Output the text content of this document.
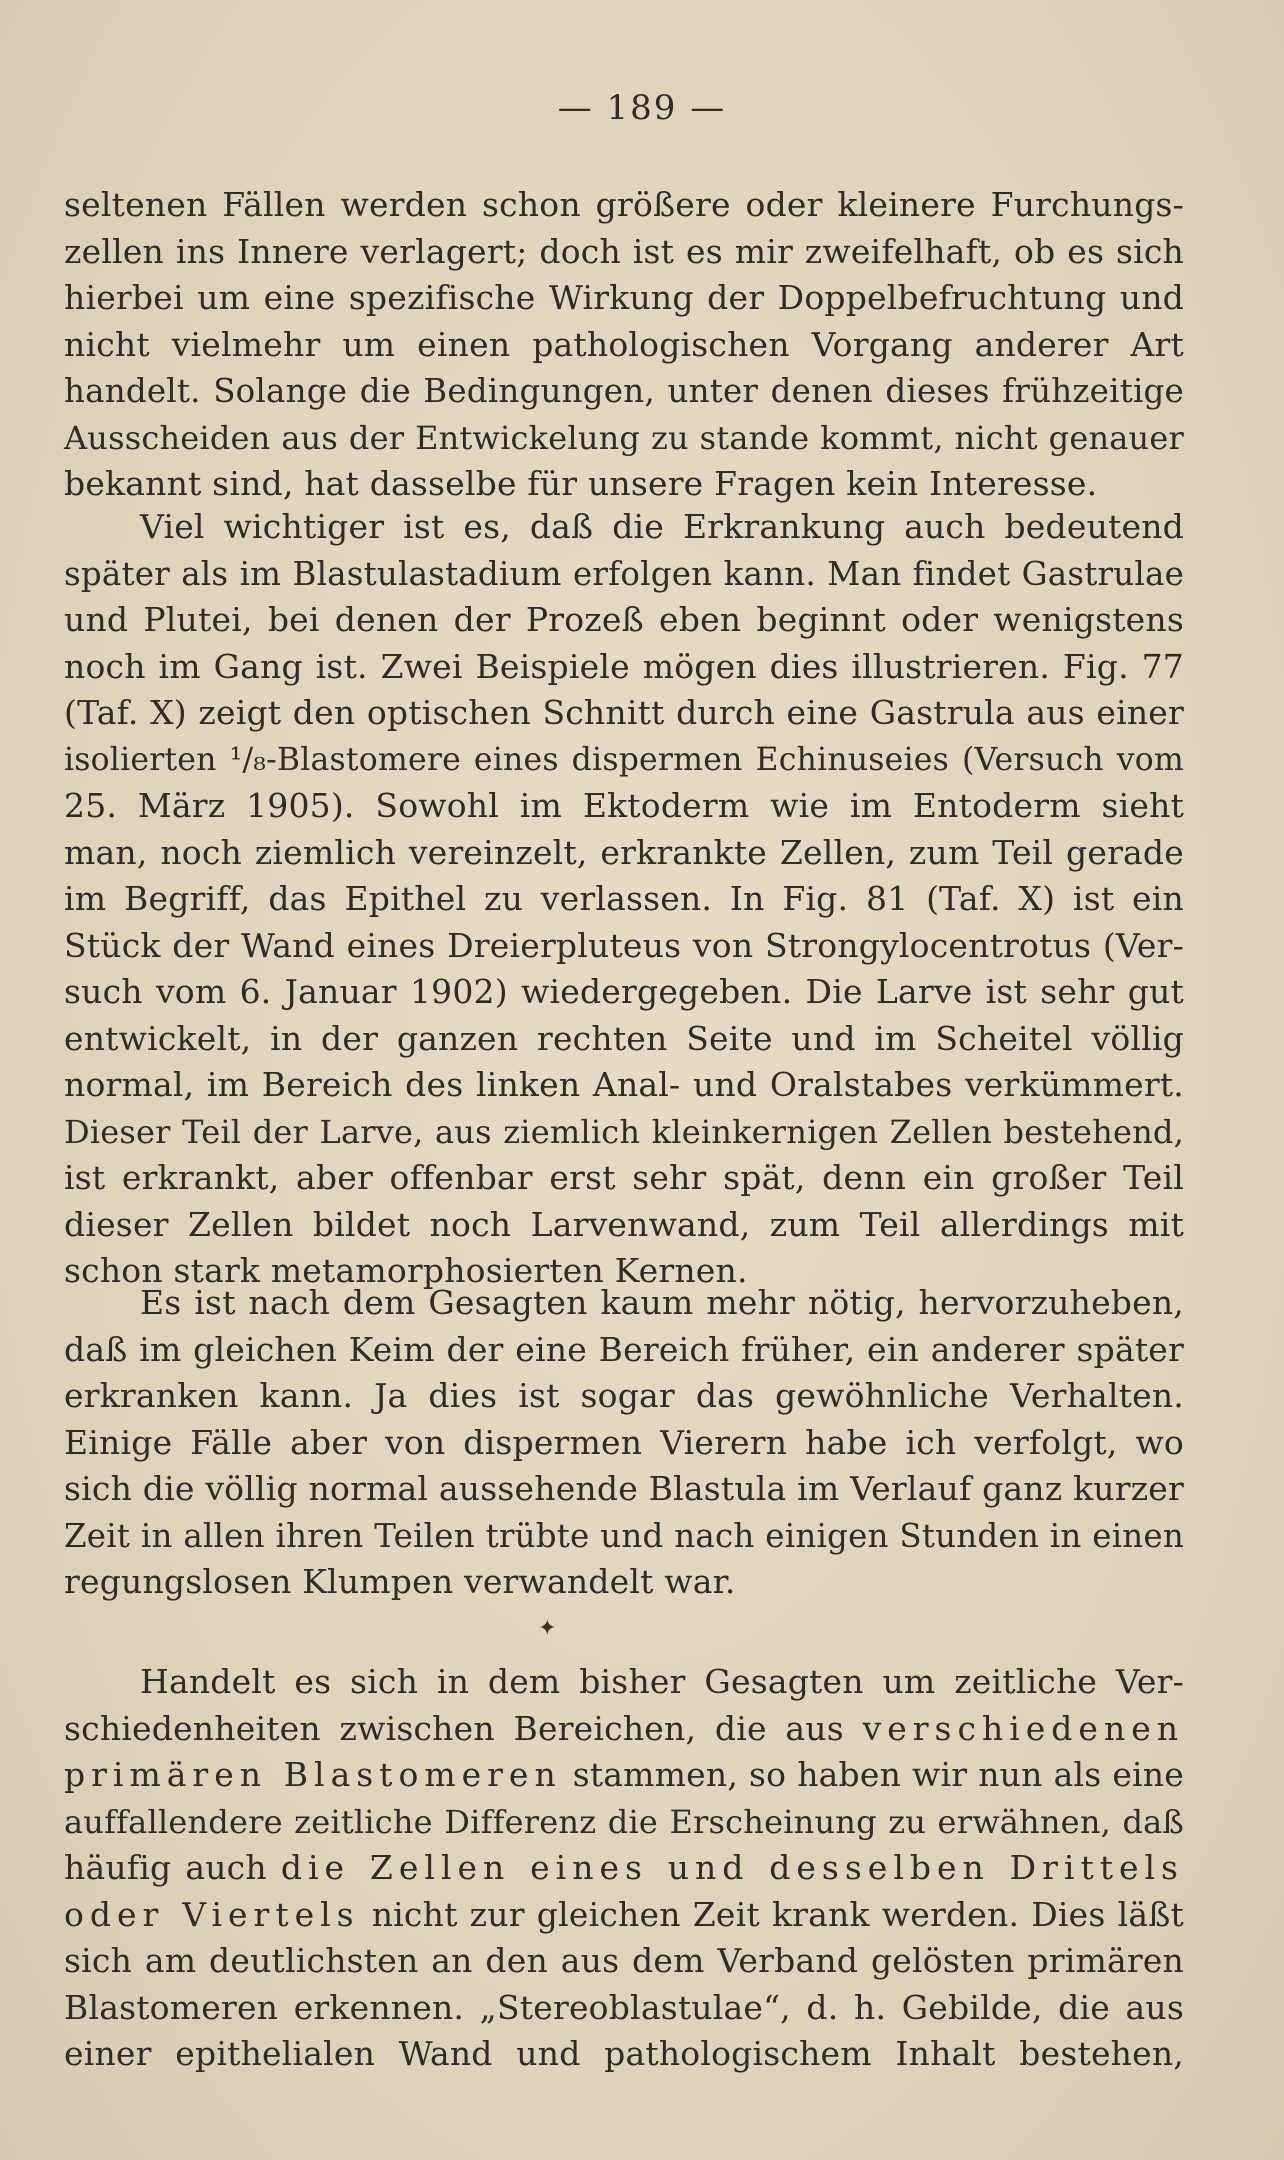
— 189 —
seltenen Fällen werden schon größere oder kleinere Furchungs-
zellen ins Innere verlagert; doch ist es mir zweifelhaft, ob es sich
hierbei um eine spezifische Wirkung der Doppelbefruchtung und
nicht vielmehr um einen pathologischen Vorgang anderer Art
handelt. Solange die Bedingungen, unter denen dieses frühzeitige
Ausscheiden aus der Entwickelung zu stande kommt, nicht genauer
bekannt sind, hat dasselbe für unsere Fragen kein Interesse.
Viel wichtiger ist es, daß die Erkrankung auch bedeutend
später als im Blastulastadium erfolgen kann. Man findet Gastrulae
und Plutei, bei denen der Prozeß eben beginnt oder wenigstens
noch im Gang ist. Zwei Beispiele mögen dies illustrieren. Fig. 77
(Taf. X) zeigt den optischen Schnitt durch eine Gastrula aus einer
isolierten ¹/₈-Blastomere eines dispermen Echinuseies (Versuch vom
25. März 1905). Sowohl im Ektoderm wie im Entoderm sieht
man, noch ziemlich vereinzelt, erkrankte Zellen, zum Teil gerade
im Begriff, das Epithel zu verlassen. In Fig. 81 (Taf. X) ist ein
Stück der Wand eines Dreierpluteus von Strongylocentrotus (Ver-
such vom 6. Januar 1902) wiedergegeben. Die Larve ist sehr gut
entwickelt, in der ganzen rechten Seite und im Scheitel völlig
normal, im Bereich des linken Anal- und Oralstabes verkümmert.
Dieser Teil der Larve, aus ziemlich kleinkernigen Zellen bestehend,
ist erkrankt, aber offenbar erst sehr spät, denn ein großer Teil
dieser Zellen bildet noch Larvenwand, zum Teil allerdings mit
schon stark metamorphosierten Kernen.
Es ist nach dem Gesagten kaum mehr nötig, hervorzuheben,
daß im gleichen Keim der eine Bereich früher, ein anderer später
erkranken kann. Ja dies ist sogar das gewöhnliche Verhalten.
Einige Fälle aber von dispermen Vierern habe ich verfolgt, wo
sich die völlig normal aussehende Blastula im Verlauf ganz kurzer
Zeit in allen ihren Teilen trübte und nach einigen Stunden in einen
regungslosen Klumpen verwandelt war.
✦
Handelt es sich in dem bisher Gesagten um zeitliche Ver-
schiedenheiten zwischen Bereichen, die aus verschiedenen
primären Blastomeren stammen, so haben wir nun als eine
auffallendere zeitliche Differenz die Erscheinung zu erwähnen, daß
häufig auch die Zellen eines und desselben Drittels
oder Viertels nicht zur gleichen Zeit krank werden. Dies läßt
sich am deutlichsten an den aus dem Verband gelösten primären
Blastomeren erkennen. „Stereoblastulae“, d. h. Gebilde, die aus
einer epithelialen Wand und pathologischem Inhalt bestehen,
